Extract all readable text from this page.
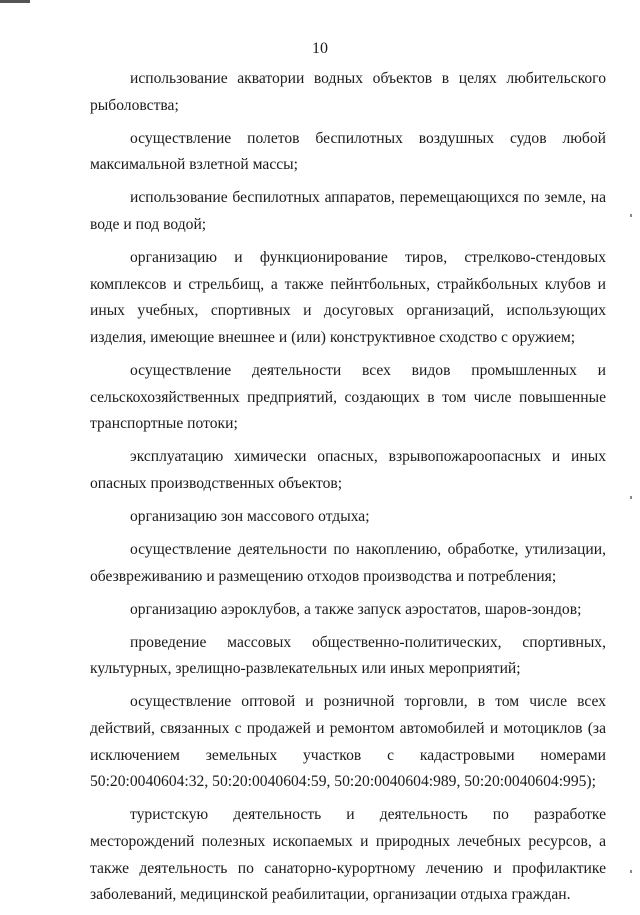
10

использование акватории водных объектов в целях любительского рыболовства;

осуществление полетов беспилотных воздушных судов любой максимальной взлетной массы;

использование беспилотных аппаратов, перемещающихся по земле, на воде и под водой;

организацию и функционирование тиров, стрелково-стендовых комплексов и стрельбищ, а также пейнтбольных, страйкбольных клубов и иных учебных, спортивных и досуговых организаций, использующих изделия, имеющие внешнее и (или) конструктивное сходство с оружием;

осуществление деятельности всех видов промышленных и сельскохозяйственных предприятий, создающих в том числе повышенные транспортные потоки;

эксплуатацию химически опасных, взрывопожароопасных и иных опасных производственных объектов;

организацию зон массового отдыха;

осуществление деятельности по накоплению, обработке, утилизации, обезвреживанию и размещению отходов производства и потребления;

организацию аэроклубов, а также запуск аэростатов, шаров-зондов;

проведение массовых общественно-политических, спортивных, культурных, зрелищно-развлекательных или иных мероприятий;

осуществление оптовой и розничной торговли, в том числе всех действий, связанных с продажей и ремонтом автомобилей и мотоциклов (за исключением земельных участков с кадастровыми номерами 50:20:0040604:32, 50:20:0040604:59, 50:20:0040604:989, 50:20:0040604:995);

туристскую деятельность и деятельность по разработке месторождений полезных ископаемых и природных лечебных ресурсов, а также деятельность по санаторно-курортному лечению и профилактике заболеваний, медицинской реабилитации, организации отдыха граждан.
